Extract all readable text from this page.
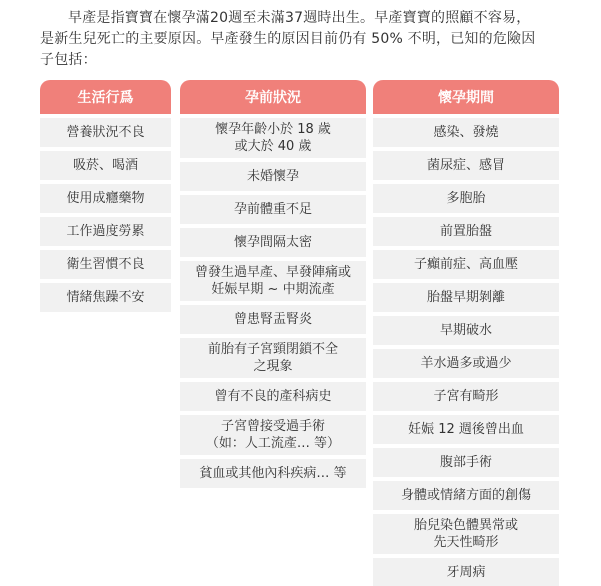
早產是指寶寶在懷孕滿20週至未滿37週時出生。早產寶寶的照顧不容易，

是新生兒死亡的主要原因。早產發生的原因目前仍有 50% 不明，已知的危險因

子包括：

生活行爲
營養狀況不良
吸菸、喝酒
使用成癮藥物
工作過度勞累
衛生習慣不良
情緒焦躁不安
孕前狀況
懷孕年齡小於 18 歲
或大於 40 歲
未婚懷孕
孕前體重不足
懷孕間隔太密
曾發生過早產、早發陣痛或
妊娠早期 ~ 中期流產
曾患腎盂腎炎
前胎有子宮頸閉鎖不全
之現象
曾有不良的產科病史
子宮曾接受過手術
（如：人工流產… 等）
貧血或其他內科疾病… 等
懷孕期間
感染、發燒
菌尿症、感冒
多胞胎
前置胎盤
子癲前症、高血壓
胎盤早期剝離
早期破水
羊水過多或過少
子宮有畸形
妊娠 12 週後曾出血
腹部手術
身體或情緒方面的創傷
胎兒染色體異常或
先天性畸形
牙周病
